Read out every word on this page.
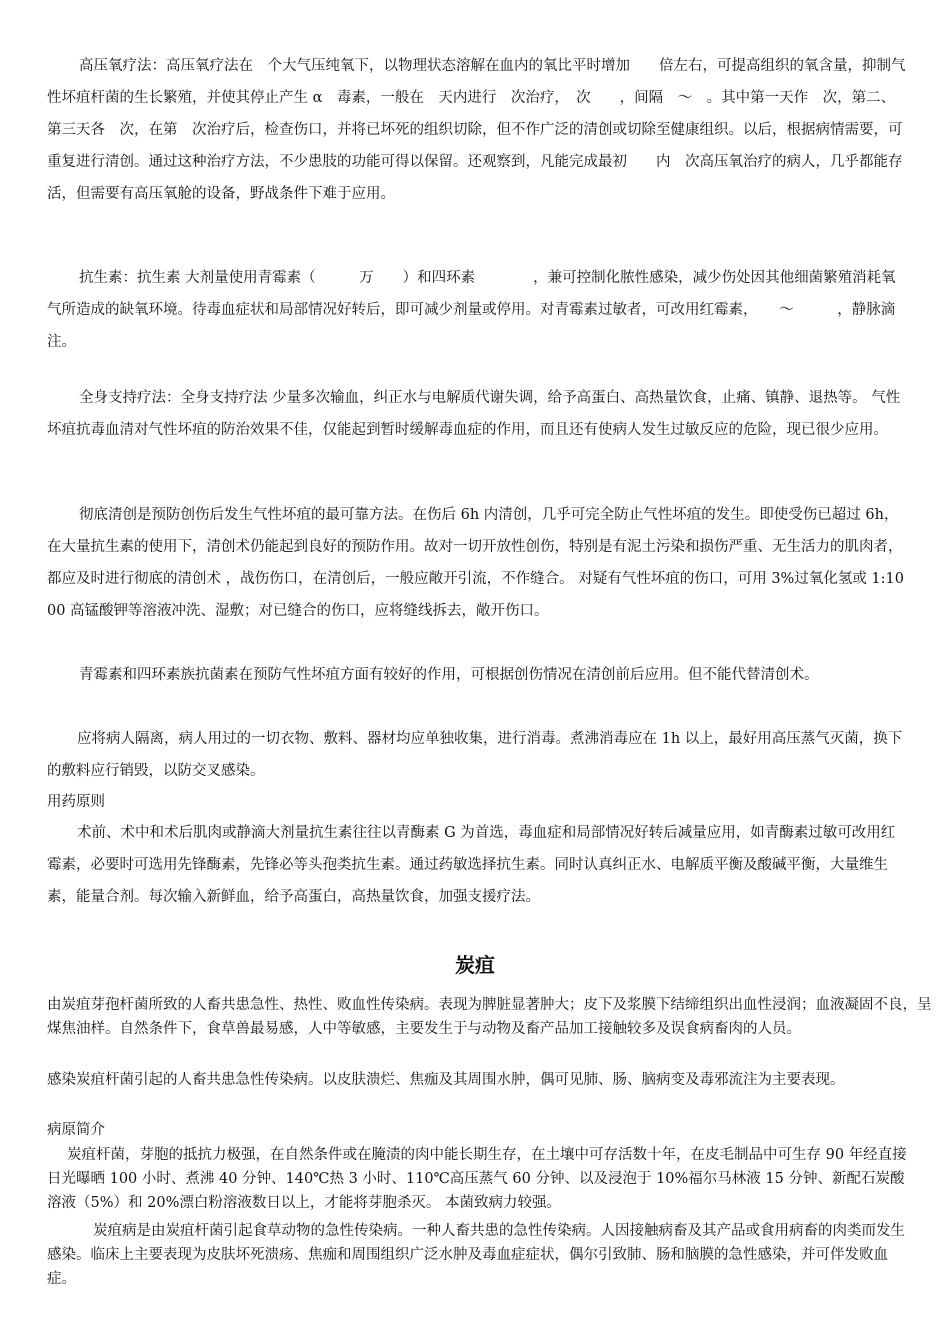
高压氧疗法：高压氧疗法在　个大气压纯氧下，以物理状态溶解在血内的氧比平时增加　　倍左右，可提高组织的氧含量，抑制气性坏疽杆菌的生长繁殖，并使其停止产生 α　毒素，一般在　天内进行　次治疗，　次　　，间隔　～　。其中第一天作　次，第二、第三天各　次，在第　次治疗后，检查伤口，并将已坏死的组织切除，但不作广泛的清创或切除至健康组织。以后，根据病情需要，可重复进行清创。通过这种治疗方法，不少患肢的功能可得以保留。还观察到，凡能完成最初　　内　次高压氧治疗的病人，几乎都能存活，但需要有高压氧舱的设备，野战条件下难于应用。

抗生素：抗生素 大剂量使用青霉素（　　　万　　）和四环素　　　　，兼可控制化脓性感染，减少伤处因其他细菌繁殖消耗氧气所造成的缺氧环境。待毒血症状和局部情况好转后，即可减少剂量或停用。对青霉素过敏者，可改用红霉素，　　～　　　，静脉滴注。

全身支持疗法：全身支持疗法 少量多次输血，纠正水与电解质代谢失调，给予高蛋白、高热量饮食，止痛、镇静、退热等。 气性坏疽抗毒血清对气性坏疽的防治效果不佳，仅能起到暂时缓解毒血症的作用，而且还有使病人发生过敏反应的危险，现已很少应用。

彻底清创是预防创伤后发生气性坏疽的最可靠方法。在伤后 6h 内清创，几乎可完全防止气性坏疽的发生。即使受伤已超过 6h，在大量抗生素的使用下，清创术仍能起到良好的预防作用。故对一切开放性创伤，特别是有泥土污染和损伤严重、无生活力的肌肉者，都应及时进行彻底的清创术 ，战伤伤口，在清创后，一般应敞开引流，不作缝合。 对疑有气性坏疽的伤口，可用 3%过氧化氢或 1:1000 高锰酸钾等溶液冲洗、湿敷；对已缝合的伤口，应将缝线拆去，敞开伤口。

青霉素和四环素族抗菌素在预防气性坏疽方面有较好的作用，可根据创伤情况在清创前后应用。但不能代替清创术。

应将病人隔离，病人用过的一切衣物、敷料、器材均应单独收集，进行消毒。煮沸消毒应在 1h 以上，最好用高压蒸气灭菌，换下的敷料应行销毁，以防交叉感染。

用药原则

术前、术中和术后肌肉或静滴大剂量抗生素往往以青酶素 G 为首选，毒血症和局部情况好转后减量应用，如青酶素过敏可改用红霉素，必要时可选用先锋酶素，先锋必等头孢类抗生素。通过药敏选择抗生素。同时认真纠正水、电解质平衡及酸碱平衡，大量维生素，能量合剂。每次输入新鲜血，给予高蛋白，高热量饮食，加强支援疗法。

炭疽

由炭疽芽孢杆菌所致的人畜共患急性、热性、败血性传染病。表现为脾脏显著肿大；皮下及浆膜下结缔组织出血性浸润；血液凝固不良，呈煤焦油样。自然条件下，食草兽最易感，人中等敏感，主要发生于与动物及畜产品加工接触较多及误食病畜肉的人员。

感染炭疽杆菌引起的人畜共患急性传染病。以皮肤溃烂、焦痂及其周围水肿，偶可见肺、肠、脑病变及毒邪流注为主要表现。

病原简介

炭疽杆菌，芽胞的抵抗力极强，在自然条件或在腌渍的肉中能长期生存，在土壤中可存活数十年，在皮毛制品中可生存 90 年经直接日光曝晒 100 小时、煮沸 40 分钟、140℃热 3 小时、110℃高压蒸气 60 分钟、以及浸泡于 10%福尔马林液 15 分钟、新配石炭酸溶液（5%）和 20%漂白粉溶液数日以上，才能将芽胞杀灭。 本菌致病力较强。

炭疽病是由炭疽杆菌引起食草动物的急性传染病。一种人畜共患的急性传染病。人因接触病畜及其产品或食用病畜的肉类而发生感染。临床上主要表现为皮肤坏死溃疡、焦痂和周围组织广泛水肿及毒血症症状，偶尔引致肺、肠和脑膜的急性感染，并可伴发败血症。
